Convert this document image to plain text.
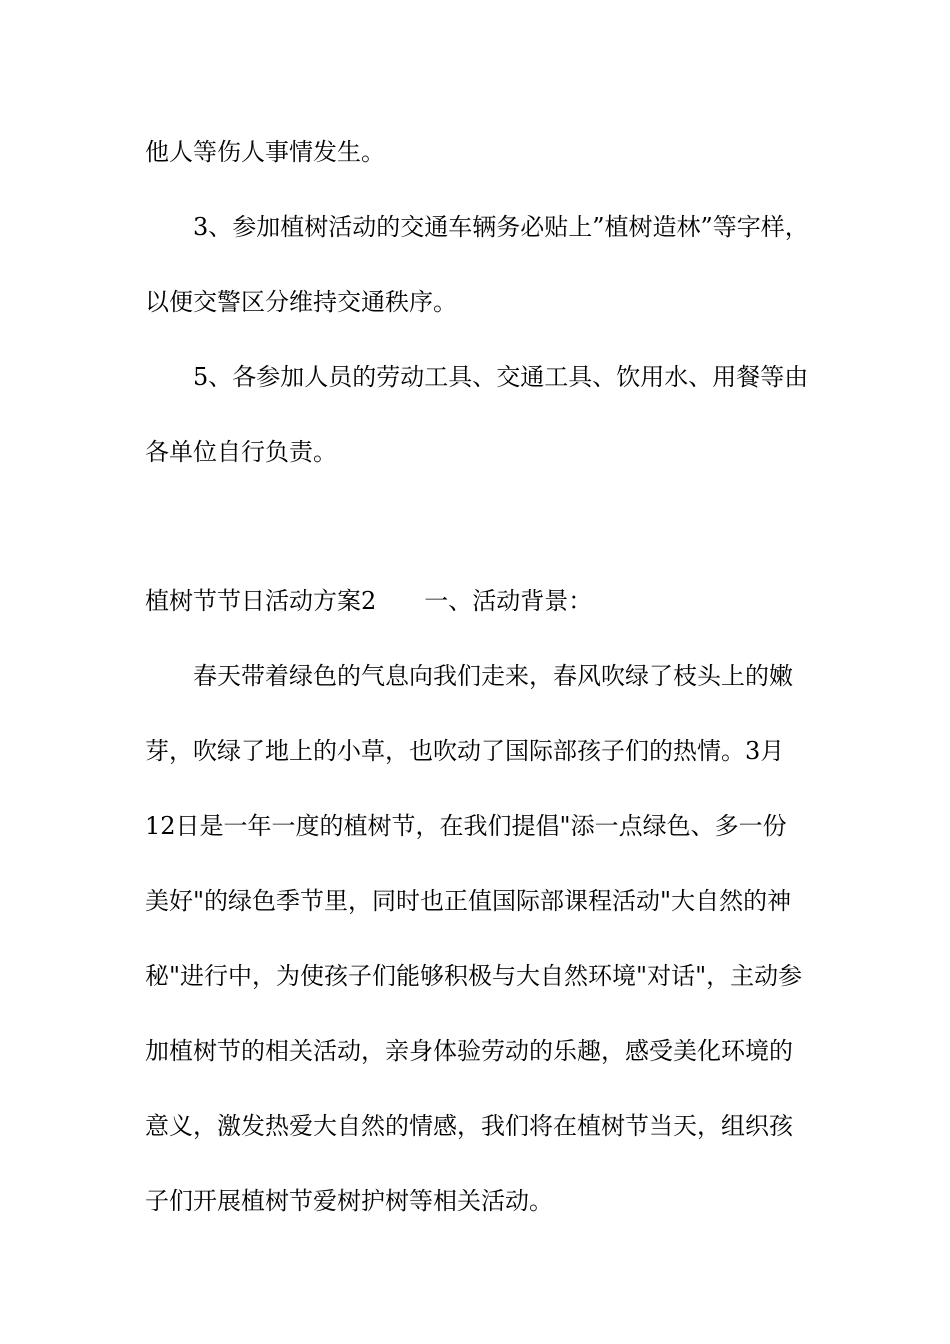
他人等伤人事情发生。
3、参加植树活动的交通车辆务必贴上”植树造林”等字样，
以便交警区分维持交通秩序。
5、各参加人员的劳动工具、交通工具、饮用水、用餐等由
各单位自行负责。
植树节节日活动方案2 一、活动背景：
春天带着绿色的气息向我们走来，春风吹绿了枝头上的嫩
芽，吹绿了地上的小草，也吹动了国际部孩子们的热情。3月
12日是一年一度的植树节，在我们提倡"添一点绿色、多一份
美好"的绿色季节里，同时也正值国际部课程活动"大自然的神
秘"进行中，为使孩子们能够积极与大自然环境"对话"，主动参
加植树节的相关活动，亲身体验劳动的乐趣，感受美化环境的
意义，激发热爱大自然的情感，我们将在植树节当天，组织孩
子们开展植树节爱树护树等相关活动。
